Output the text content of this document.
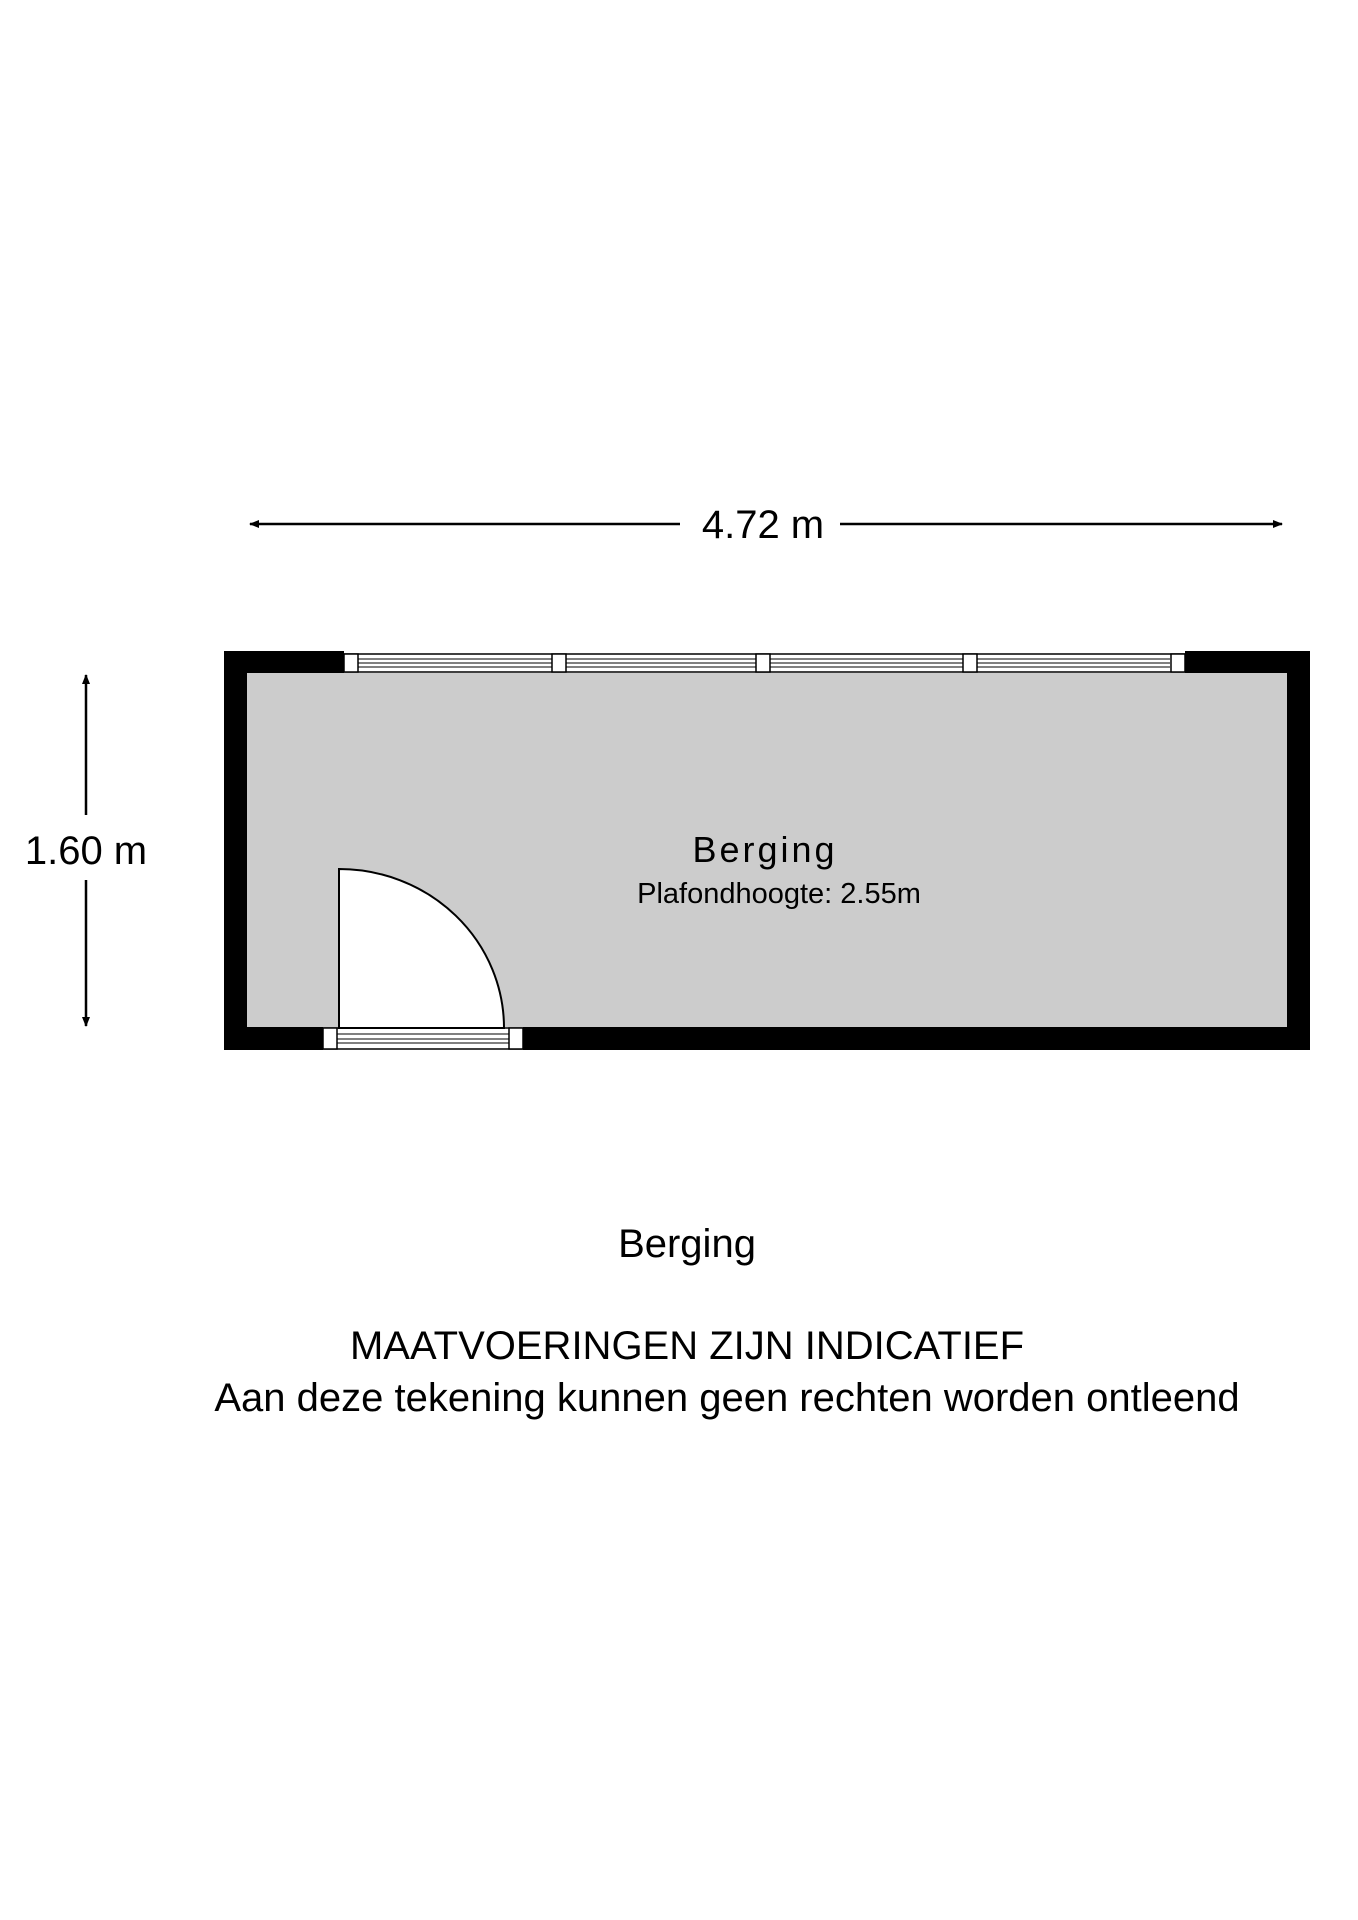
4.72 m
1.60 m	Berging
Plafondhoogte: 2.55m
Berging
MAATVOERINGEN ZIJN INDICATIEF
Aan deze tekening kunnen geen rechten worden ontleend
